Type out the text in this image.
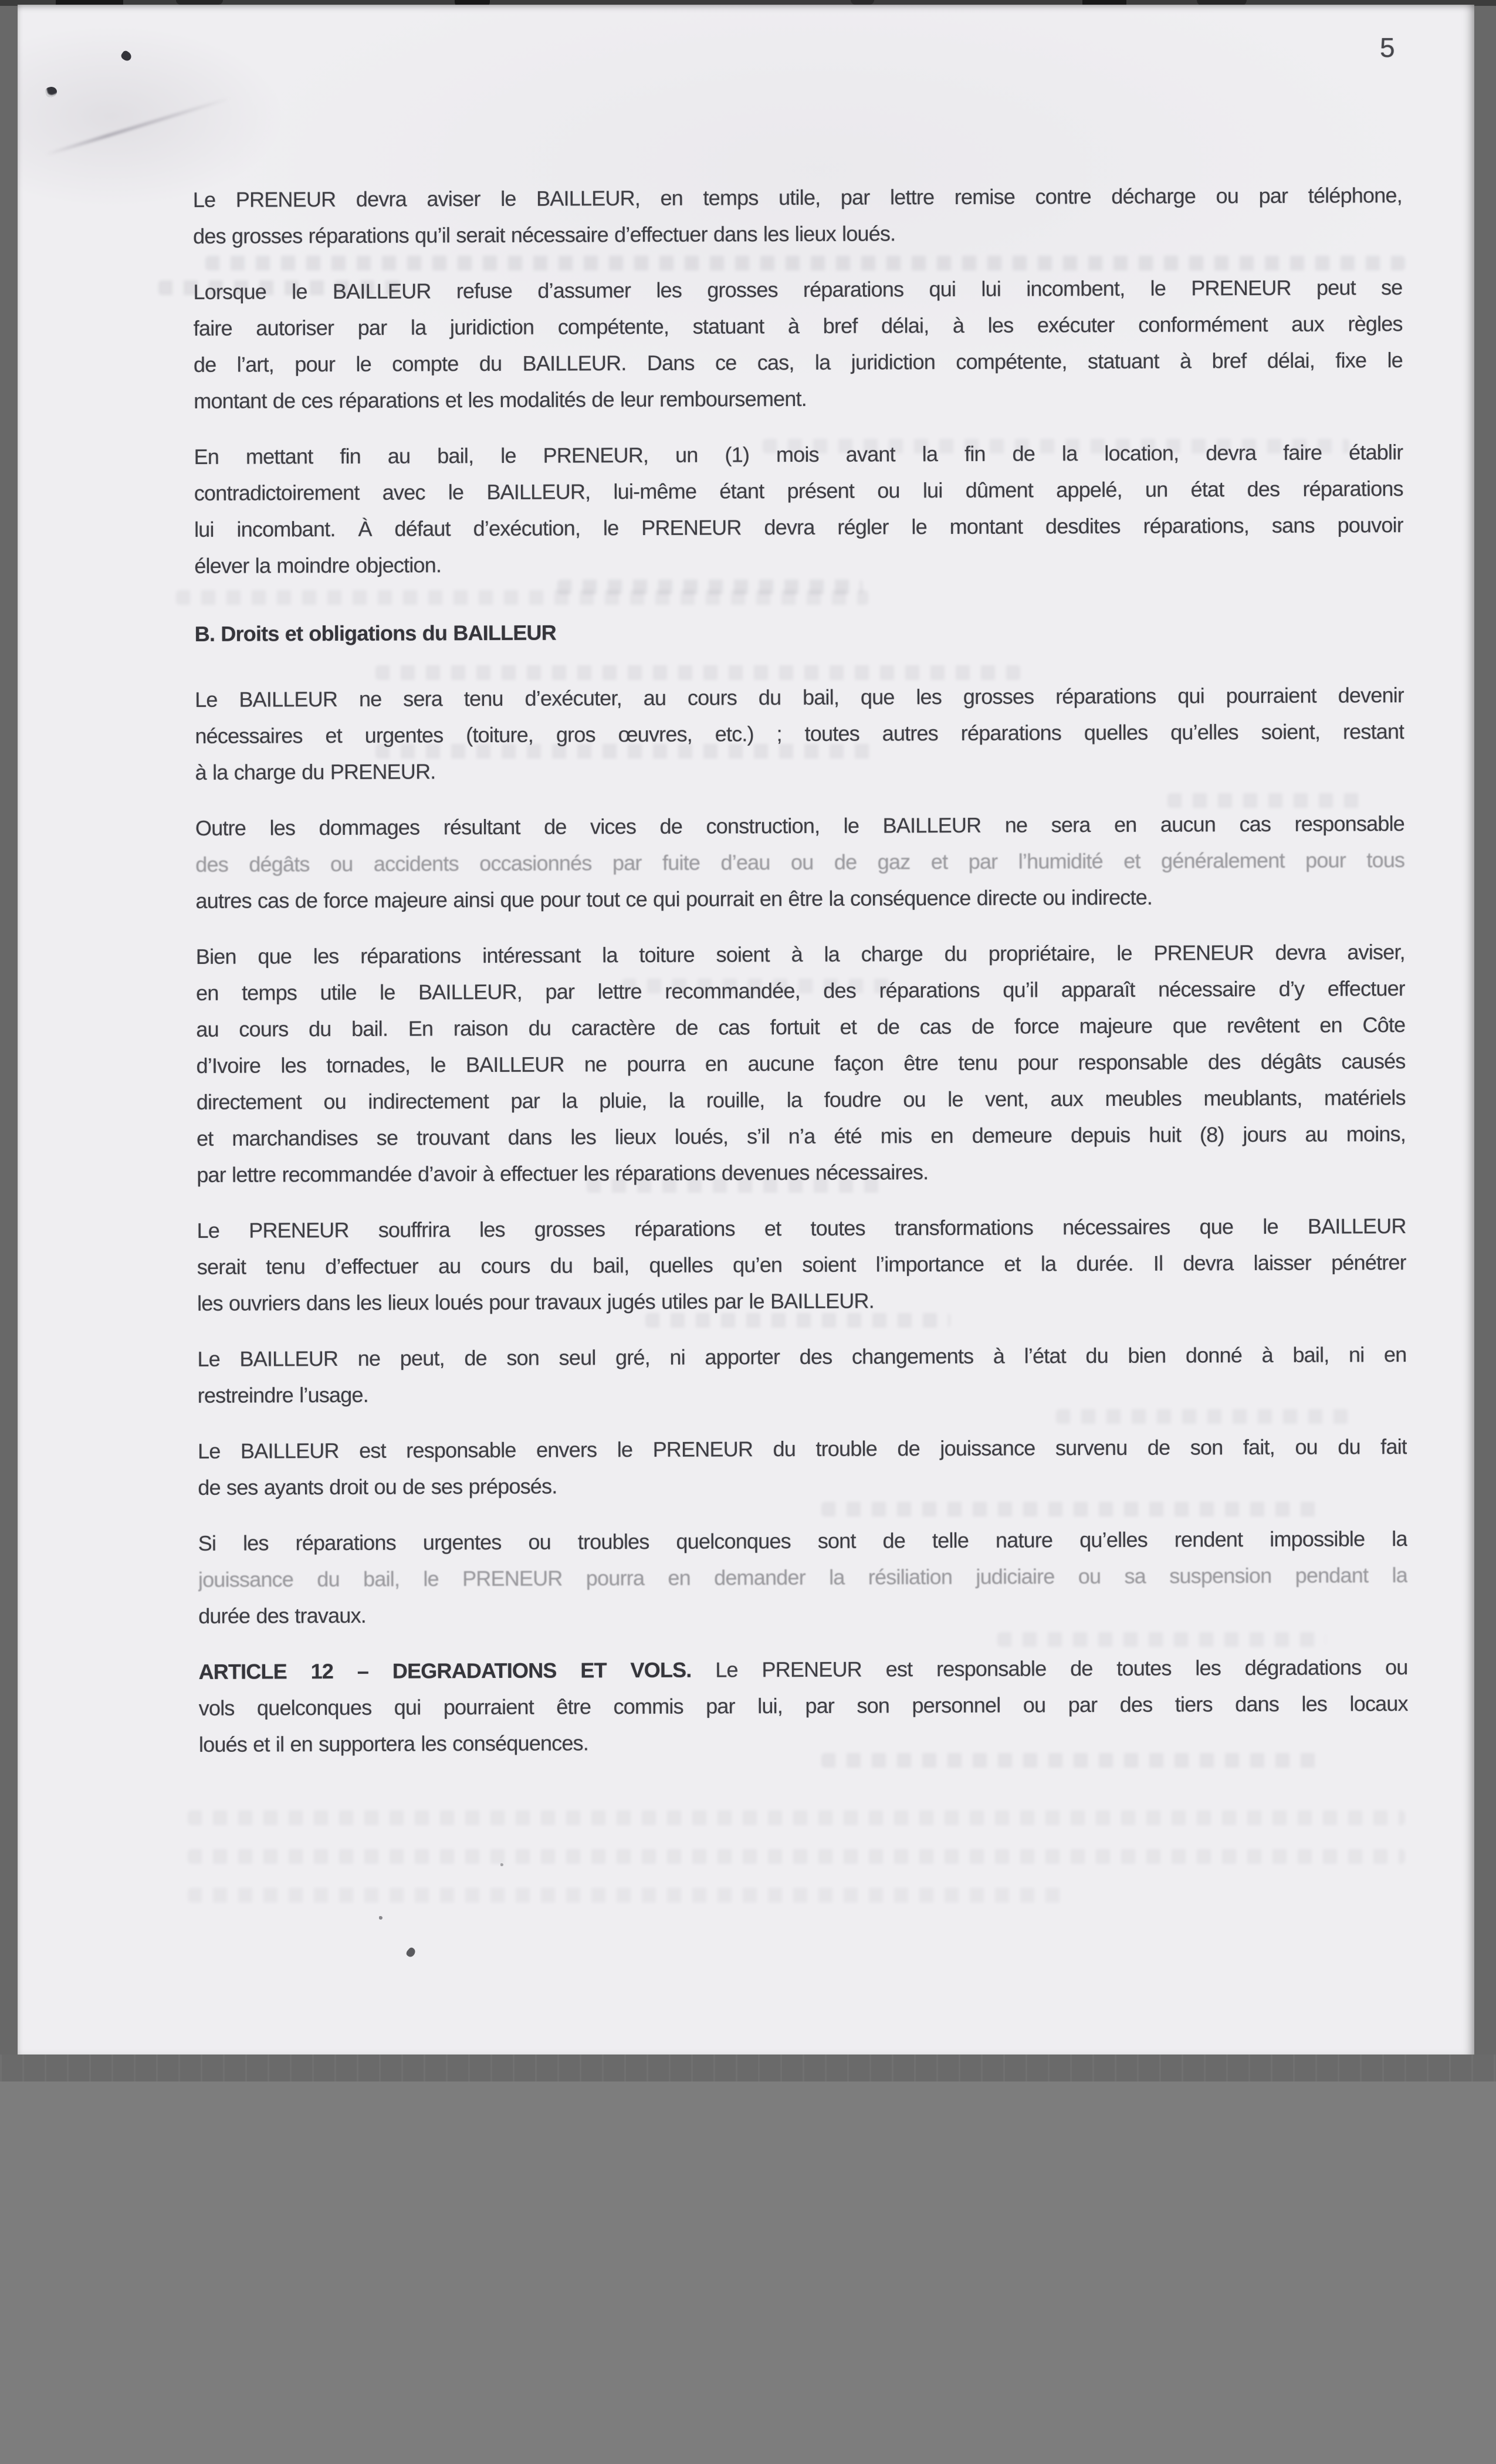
5
Le PRENEUR devra aviser le BAILLEUR, en temps utile, par lettre remise contre décharge ou par téléphone,
des grosses réparations qu’il serait nécessaire d’effectuer dans les lieux loués.
Lorsque le BAILLEUR refuse d’assumer les grosses réparations qui lui incombent, le PRENEUR peut se
faire autoriser par la juridiction compétente, statuant à bref délai, à les exécuter conformément aux règles
de l’art, pour le compte du BAILLEUR. Dans ce cas, la juridiction compétente, statuant à bref délai, fixe le
montant de ces réparations et les modalités de leur remboursement.
En mettant fin au bail, le PRENEUR, un (1) mois avant la fin de la location, devra faire établir
contradictoirement avec le BAILLEUR, lui-même étant présent ou lui dûment appelé, un état des réparations
lui incombant. À défaut d’exécution, le PRENEUR devra régler le montant desdites réparations, sans pouvoir
élever la moindre objection.
B. Droits et obligations du BAILLEUR
Le BAILLEUR ne sera tenu d’exécuter, au cours du bail, que les grosses réparations qui pourraient devenir
nécessaires et urgentes (toiture, gros œuvres, etc.) ; toutes autres réparations quelles qu’elles soient, restant
à la charge du PRENEUR.
Outre les dommages résultant de vices de construction, le BAILLEUR ne sera en aucun cas responsable
des dégâts ou accidents occasionnés par fuite d’eau ou de gaz et par l’humidité et généralement pour tous
autres cas de force majeure ainsi que pour tout ce qui pourrait en être la conséquence directe ou indirecte.
Bien que les réparations intéressant la toiture soient à la charge du propriétaire, le PRENEUR devra aviser,
en temps utile le BAILLEUR, par lettre recommandée, des réparations qu’il apparaît nécessaire d’y effectuer
au cours du bail. En raison du caractère de cas fortuit et de cas de force majeure que revêtent en Côte
d’Ivoire les tornades, le BAILLEUR ne pourra en aucune façon être tenu pour responsable des dégâts causés
directement ou indirectement par la pluie, la rouille, la foudre ou le vent, aux meubles meublants, matériels
et marchandises se trouvant dans les lieux loués, s’il n’a été mis en demeure depuis huit (8) jours au moins,
par lettre recommandée d’avoir à effectuer les réparations devenues nécessaires.
Le PRENEUR souffrira les grosses réparations et toutes transformations nécessaires que le BAILLEUR
serait tenu d’effectuer au cours du bail, quelles qu’en soient l’importance et la durée. Il devra laisser pénétrer
les ouvriers dans les lieux loués pour travaux jugés utiles par le BAILLEUR.
Le BAILLEUR ne peut, de son seul gré, ni apporter des changements à l’état du bien donné à bail, ni en
restreindre l’usage.
Le BAILLEUR est responsable envers le PRENEUR du trouble de jouissance survenu de son fait, ou du fait
de ses ayants droit ou de ses préposés.
Si les réparations urgentes ou troubles quelconques sont de telle nature qu’elles rendent impossible la
jouissance du bail, le PRENEUR pourra en demander la résiliation judiciaire ou sa suspension pendant la
durée des travaux.
ARTICLE 12 – DEGRADATIONS ET VOLS. Le PRENEUR est responsable de toutes les dégradations ou
vols quelconques qui pourraient être commis par lui, par son personnel ou par des tiers dans les locaux
loués et il en supportera les conséquences.
